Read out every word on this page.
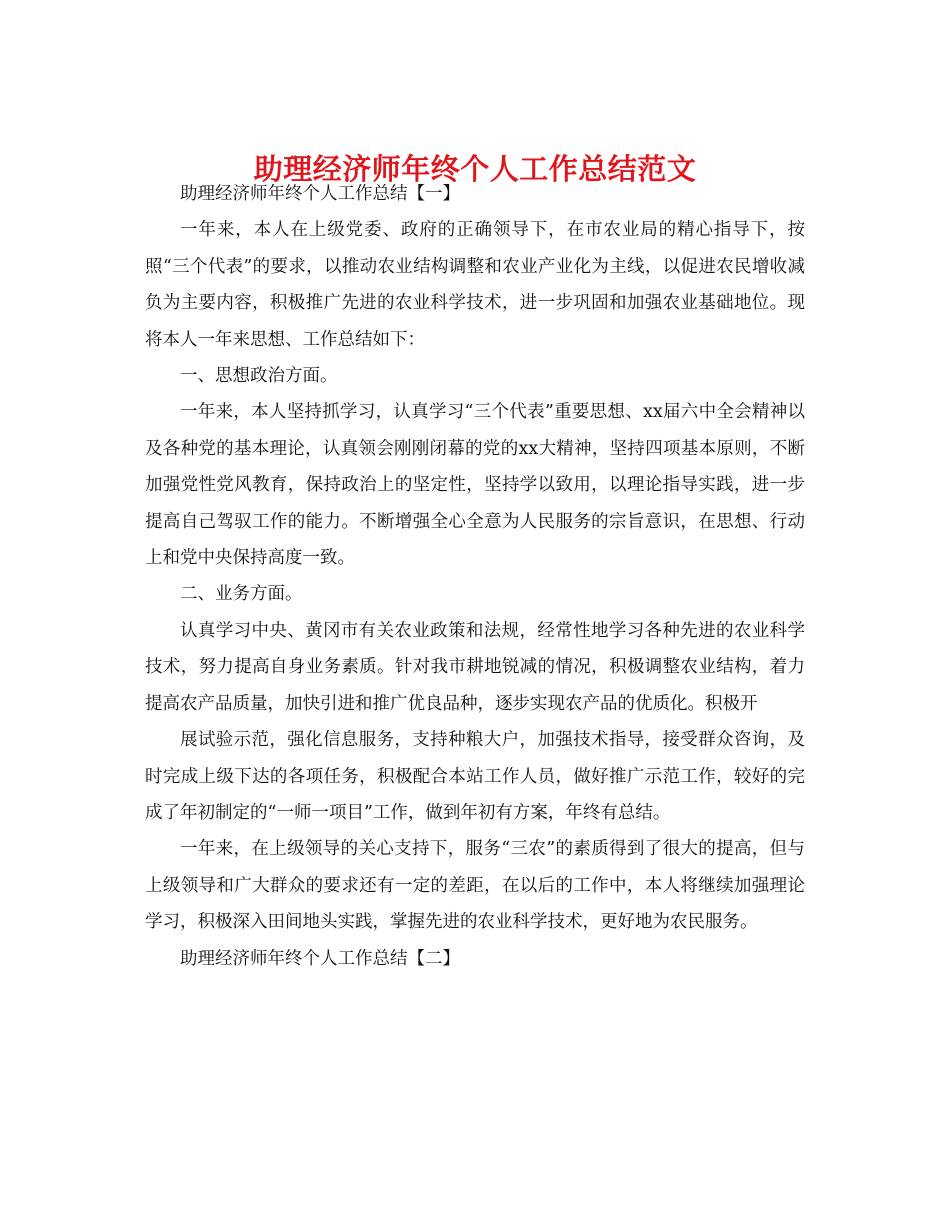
助理经济师年终个人工作总结范文

助理经济师年终个人工作总结【一】

一年来，本人在上级党委、政府的正确领导下，在市农业局的精心指导下，按照“三个代表”的要求，以推动农业结构调整和农业产业化为主线，以促进农民增收减负为主要内容，积极推广先进的农业科学技术，进一步巩固和加强农业基础地位。现将本人一年来思想、工作总结如下：

一、思想政治方面。

一年来，本人坚持抓学习，认真学习“三个代表”重要思想、xx届六中全会精神以及各种党的基本理论，认真领会刚刚闭幕的党的xx大精神，坚持四项基本原则，不断加强党性党风教育，保持政治上的坚定性，坚持学以致用，以理论指导实践，进一步提高自己驾驭工作的能力。不断增强全心全意为人民服务的宗旨意识，在思想、行动上和党中央保持高度一致。

二、业务方面。

认真学习中央、黄冈市有关农业政策和法规，经常性地学习各种先进的农业科学技术，努力提高自身业务素质。针对我市耕地锐减的情况，积极调整农业结构，着力提高农产品质量，加快引进和推广优良品种，逐步实现农产品的优质化。积极开

展试验示范，强化信息服务，支持种粮大户，加强技术指导，接受群众咨询，及时完成上级下达的各项任务，积极配合本站工作人员，做好推广示范工作，较好的完成了年初制定的“一师一项目”工作，做到年初有方案，年终有总结。

一年来，在上级领导的关心支持下，服务“三农”的素质得到了很大的提高，但与上级领导和广大群众的要求还有一定的差距，在以后的工作中，本人将继续加强理论学习，积极深入田间地头实践，掌握先进的农业科学技术，更好地为农民服务。

助理经济师年终个人工作总结【二】
